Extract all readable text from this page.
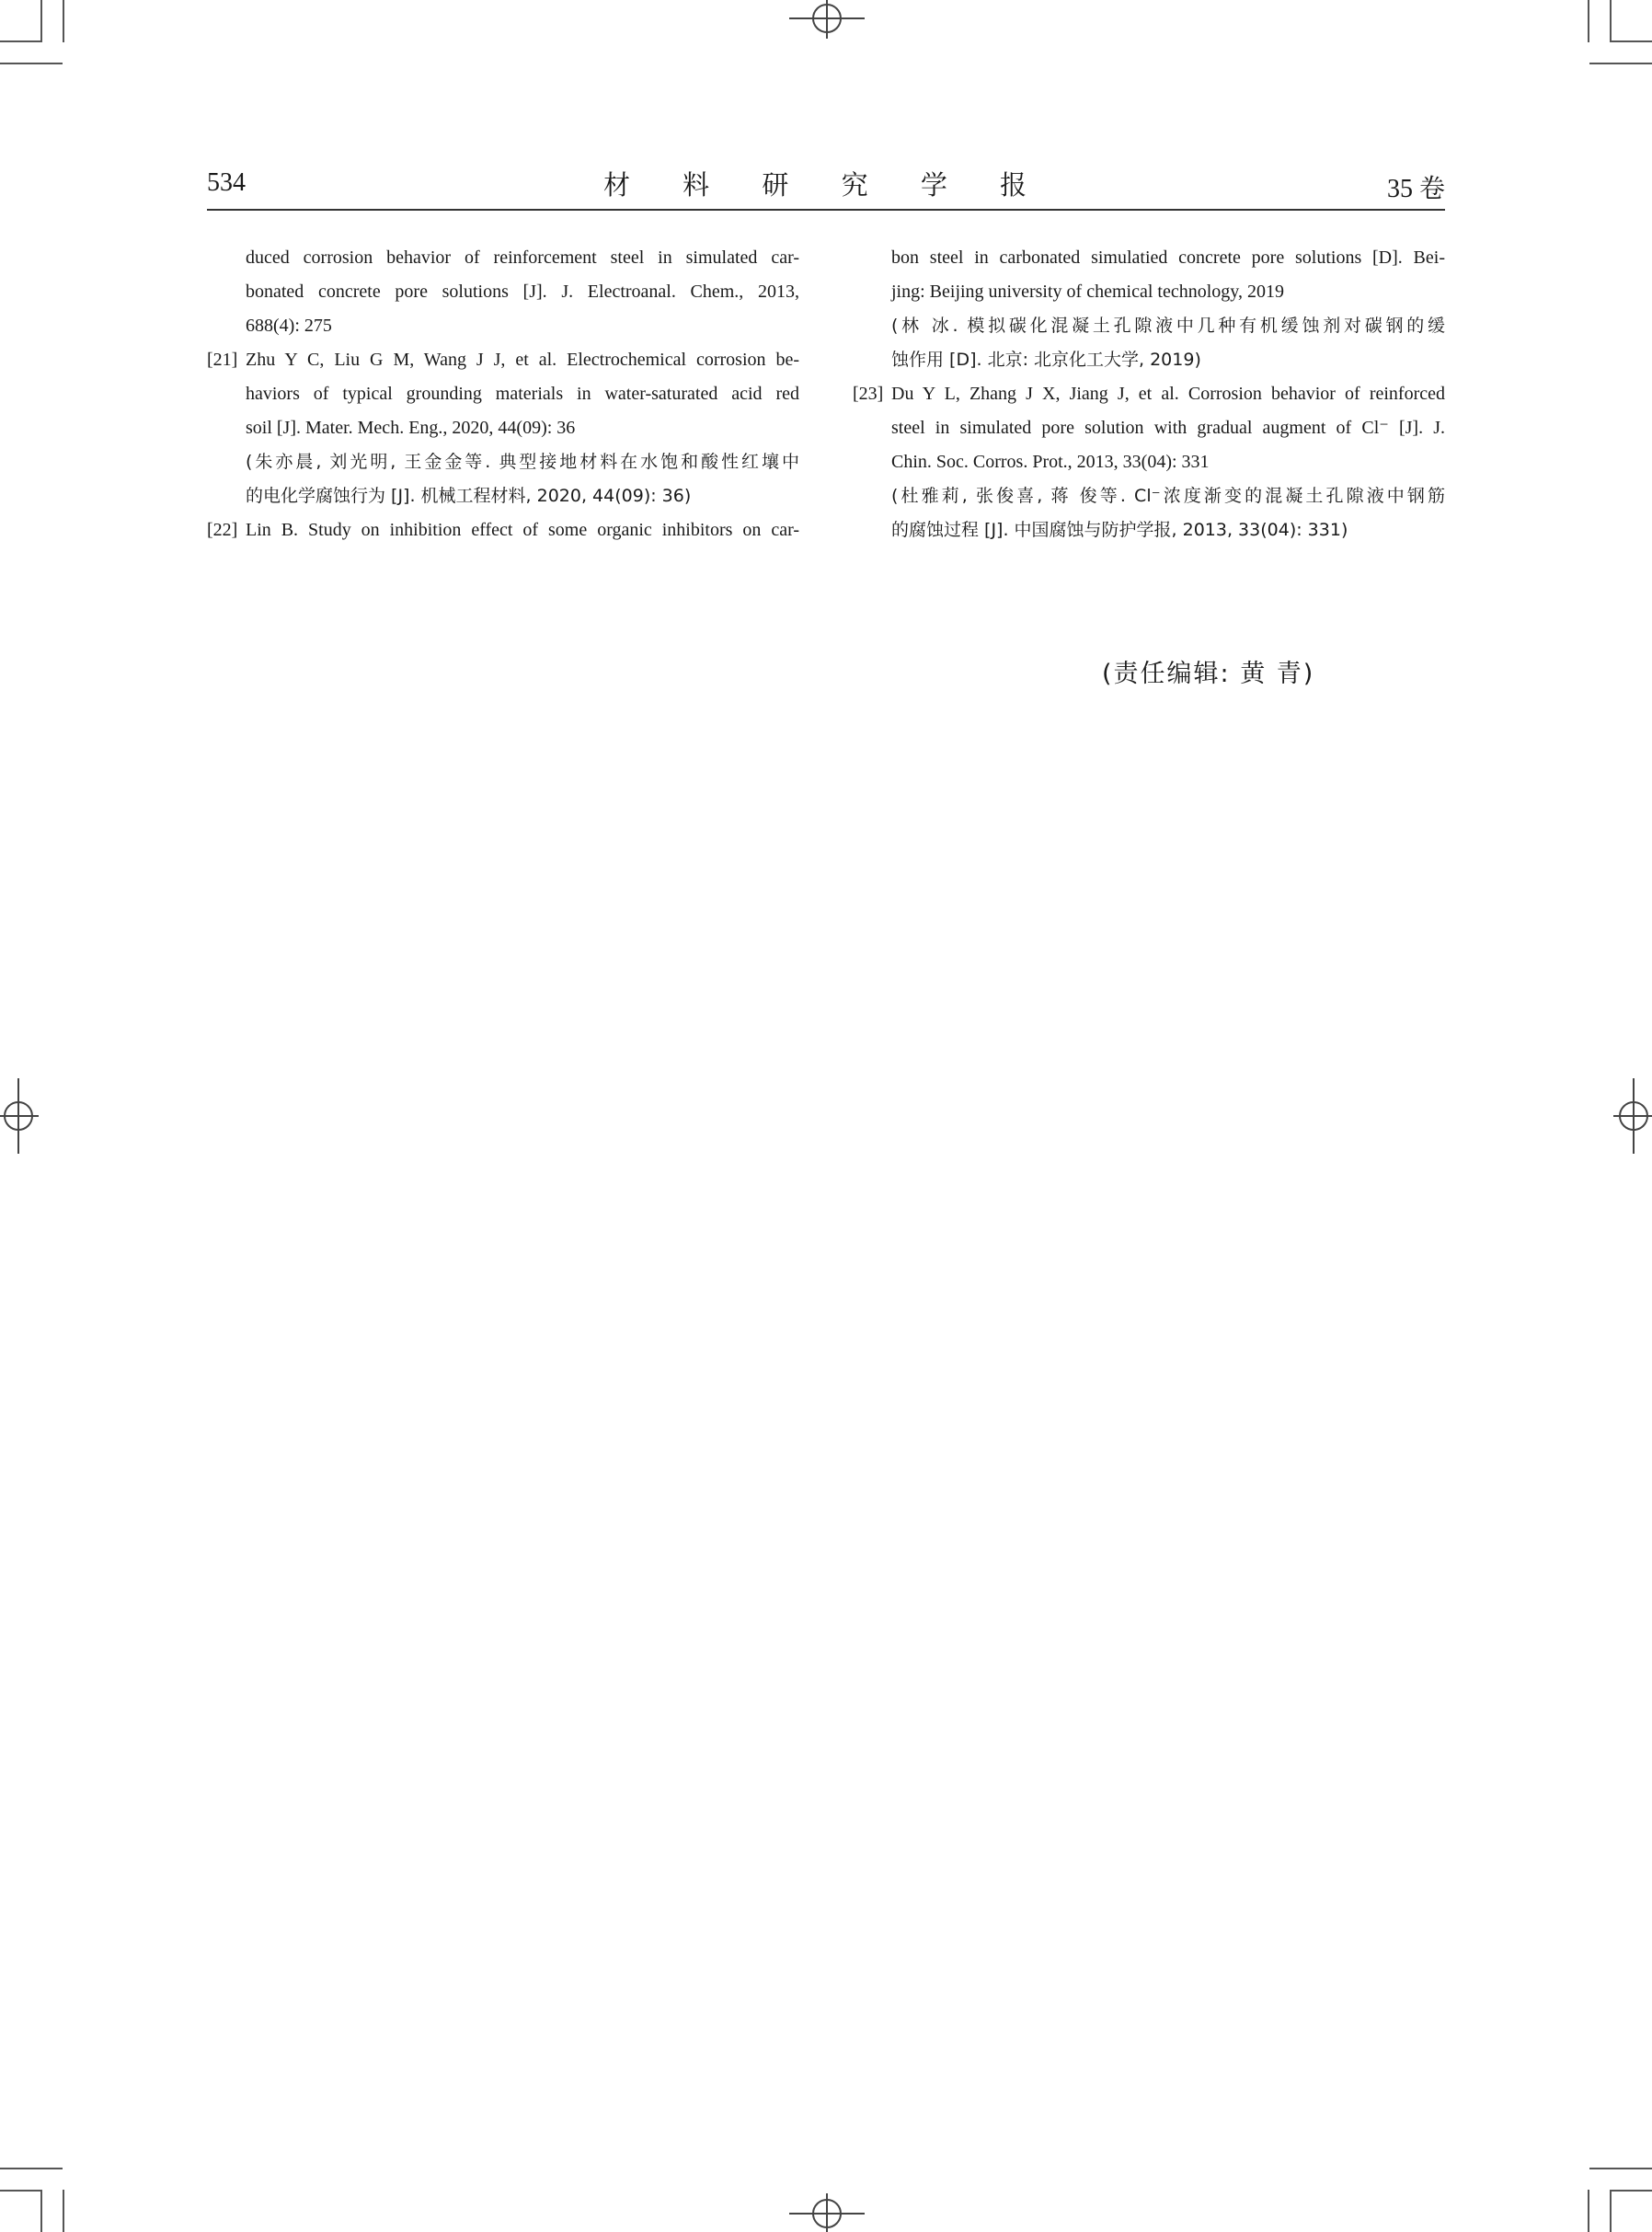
534	材 料 研 究 学 报	35 卷
duced corrosion behavior of reinforcement steel in simulated car-
bonated concrete pore solutions [J]. J. Electroanal. Chem., 2013,
688(4): 275
[21] Zhu Y C, Liu G M, Wang J J, et al. Electrochemical corrosion be-
haviors of typical grounding materials in water-saturated acid red
soil [J]. Mater. Mech. Eng., 2020, 44(09): 36
(朱亦晨, 刘光明, 王金金等. 典型接地材料在水饱和酸性红壤中
的电化学腐蚀行为 [J]. 机械工程材料, 2020, 44(09): 36)
[22] Lin B. Study on inhibition effect of some organic inhibitors on car-
bon steel in carbonated simulatied concrete pore solutions [D]. Bei-
jing: Beijing university of chemical technology, 2019
(林 冰. 模拟碳化混凝土孔隙液中几种有机缓蚀剂对碳钢的缓
蚀作用 [D]. 北京: 北京化工大学, 2019)
[23] Du Y L, Zhang J X, Jiang J, et al. Corrosion behavior of reinforced
steel in simulated pore solution with gradual augment of Cl⁻ [J]. J.
Chin. Soc. Corros. Prot., 2013, 33(04): 331
(杜雅莉, 张俊喜, 蒋 俊等. Cl⁻浓度渐变的混凝土孔隙液中钢筋
的腐蚀过程 [J]. 中国腐蚀与防护学报, 2013, 33(04): 331)
(责任编辑: 黄 青)
